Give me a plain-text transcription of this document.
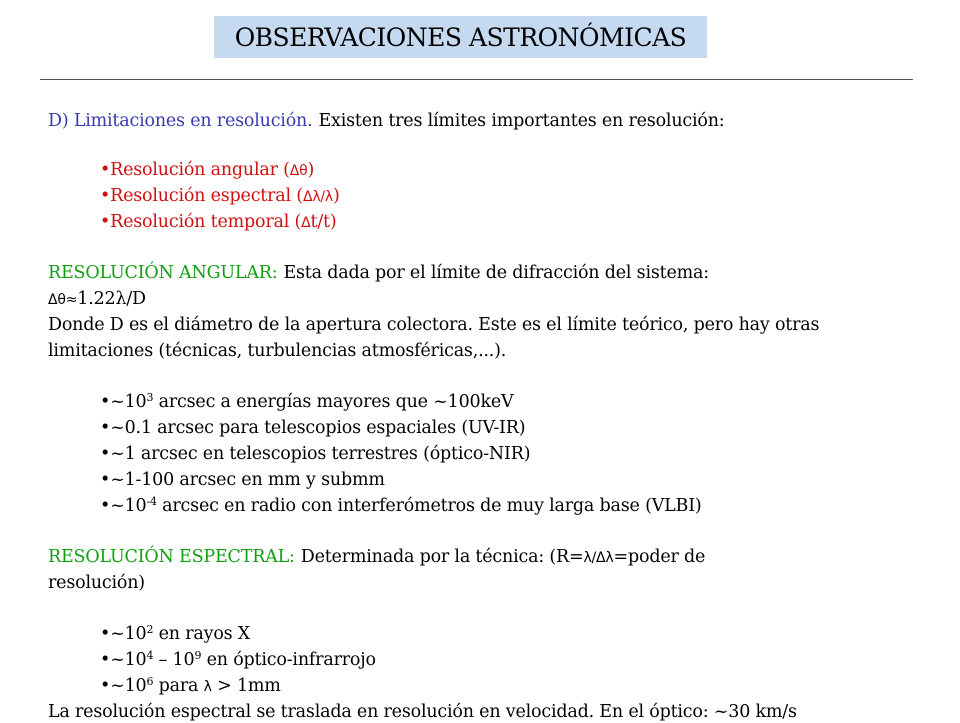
OBSERVACIONES ASTRONÓMICAS
D) Limitaciones en resolución. Existen tres límites importantes en resolución:
•Resolución angular (Δθ)
•Resolución espectral (Δλ/λ)
•Resolución temporal (Δt/t)
RESOLUCIÓN ANGULAR: Esta dada por el límite de difracción del sistema:
Δθ≈1.22λ/D
Donde D es el diámetro de la apertura colectora. Este es el límite teórico, pero hay otras
limitaciones (técnicas, turbulencias atmosféricas,...).
$•\sim 10^3$ arcsec a energías mayores que ~100keV
•~0.1 arcsec para telescopios espaciales (UV-IR)
•~1 arcsec en telescopios terrestres (óptico-NIR)
•~1-100 arcsec en mm y submm
$•\sim 10^{-4}$ arcsec en radio con interferómetros de muy larga base (VLBI)
RESOLUCIÓN ESPECTRAL: Determinada por la técnica: (R=λ/Δλ=poder de
resolución)
$•\sim 10^2$ en rayos X
$•\sim 10^4 - 10^9$ en óptico-infrarrojo
$•\sim 10^6$ para λ > 1mm
La resolución espectral se traslada en resolución en velocidad. En el óptico: ~30 km/s
